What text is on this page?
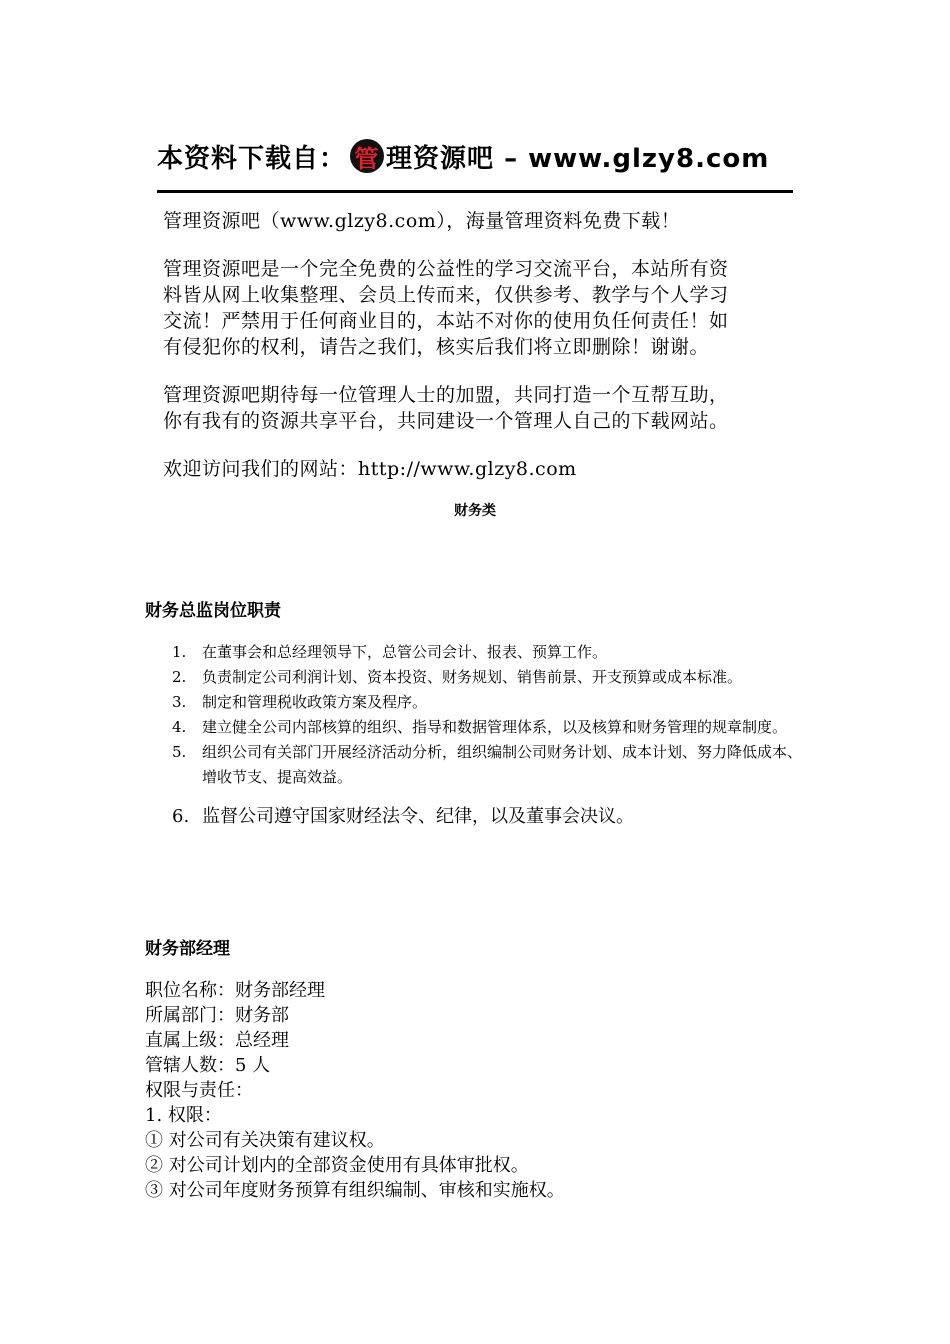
本资料下载自： 管 理资源吧 – www.glzy8.com

管理资源吧（www.glzy8.com），海量管理资料免费下载！

管理资源吧是一个完全免费的公益性的学习交流平台，本站所有资

料皆从网上收集整理、会员上传而来，仅供参考、教学与个人学习

交流！严禁用于任何商业目的，本站不对你的使用负任何责任！如

有侵犯你的权利，请告之我们，核实后我们将立即删除！谢谢。

管理资源吧期待每一位管理人士的加盟，共同打造一个互帮互助，

你有我有的资源共享平台，共同建设一个管理人自己的下载网站。

欢迎访问我们的网站：http://www.glzy8.com

财务类
财务总监岗位职责
1.	在董事会和总经理领导下，总管公司会计、报表、预算工作。
2.	负责制定公司利润计划、资本投资、财务规划、销售前景、开支预算或成本标准。
3.	制定和管理税收政策方案及程序。
4.	建立健全公司内部核算的组织、指导和数据管理体系，以及核算和财务管理的规章制度。
5.	组织公司有关部门开展经济活动分析，组织编制公司财务计划、成本计划、努力降低成本、增收节支、提高效益。
6. 监督公司遵守国家财经法令、纪律，以及董事会决议。
财务部经理

职位名称：财务部经理

所属部门：财务部

直属上级：总经理

管辖人数：5 人

权限与责任：

1. 权限：

① 对公司有关决策有建议权。

② 对公司计划内的全部资金使用有具体审批权。

③ 对公司年度财务预算有组织编制、审核和实施权。
